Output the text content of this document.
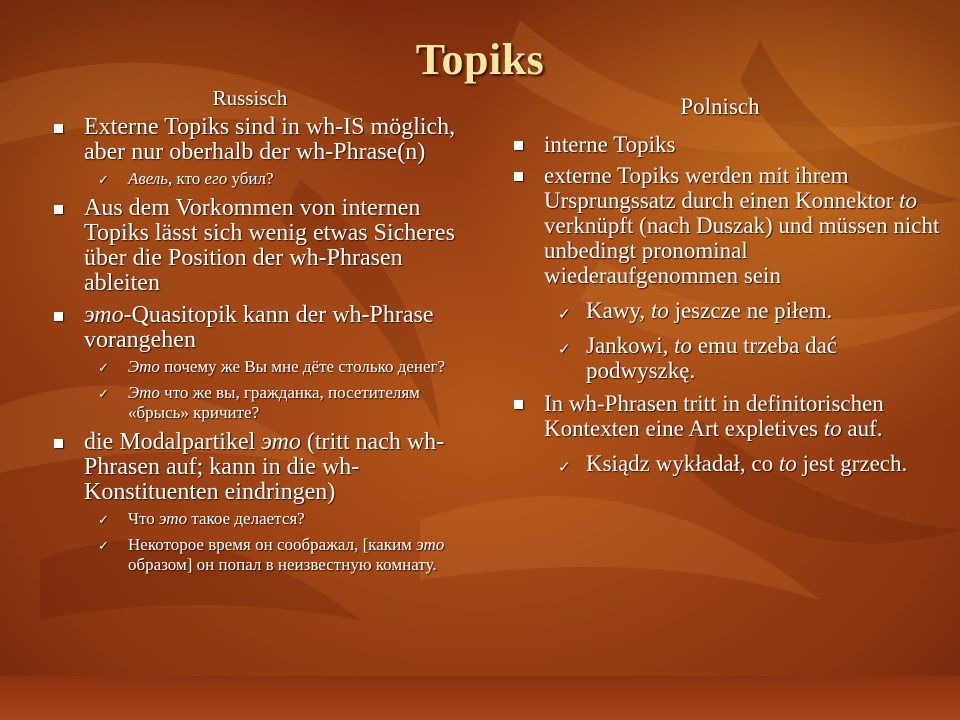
Topiks
Russisch
Externe Topiks sind in wh-IS möglich, aber nur oberhalb der wh-Phrase(n)
✓ Авель, кто его убил?
Aus dem Vorkommen von internen Topiks lässt sich wenig etwas Sicheres über die Position der wh-Phrasen ableiten
это-Quasitopik kann der wh-Phrase vorangehen
✓ Это почему же Вы мне дёте столько денег?
✓ Это что же вы, гражданка, посетителям «брысь» кричите?
die Modalpartikel это (tritt nach wh-Phrasen auf; kann in die wh-Konstituenten eindringen)
✓ Что это такое делается?
✓ Некоторое время он соображал, [каким это образом] он попал в неизвестную комнату.
Polnisch
interne Topiks
externe Topiks werden mit ihrem Ursprungssatz durch einen Konnektor to verknüpft (nach Duszak) und müssen nicht unbedingt pronominal wiederaufgenommen sein
✓ Kawy, to jeszcze ne piłem.
✓ Jankowi, to emu trzeba dać podwyszkę.
In wh-Phrasen tritt in definitorischen Kontexten eine Art expletives to auf.
✓ Ksiądz wykładał, co to jest grzech.
